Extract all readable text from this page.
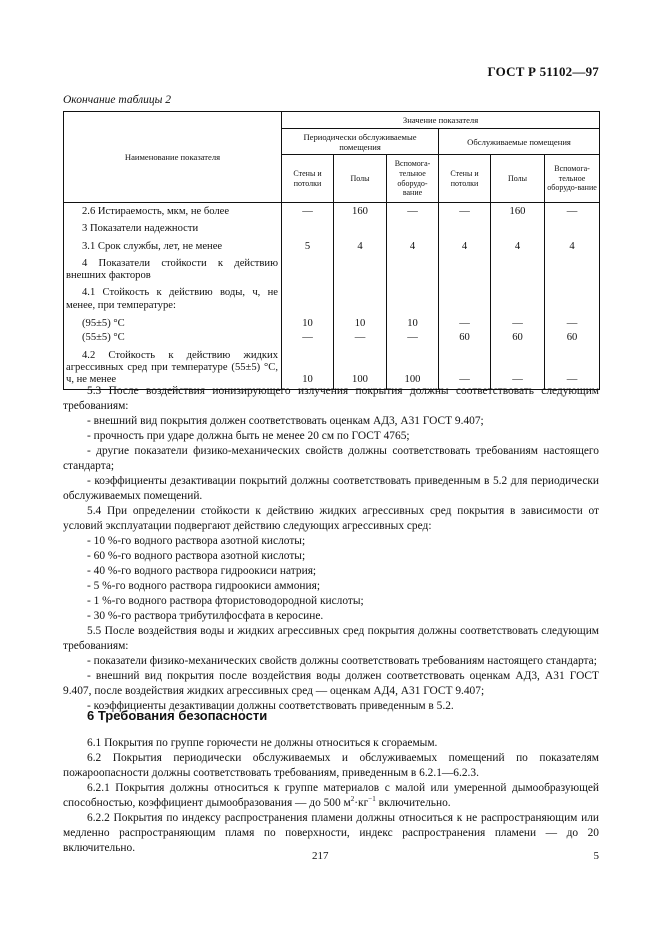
ГОСТ Р 51102—97
Окончание таблицы 2
Наименование показателя	Значение показателя					
	Периодически обслуживаемые помещения			Обслуживаемые помещения		
	Стены и потолки	Полы	Вспомога-тельное оборудо-вание	Стены и потолки	Полы	Вспомога-тельное оборудо-вание
2.6 Истираемость, мкм, не более	—	160	—	—	160	—
3 Показатели надежности						
3.1 Срок службы, лет, не менее	5	4	4	4	4	4
4 Показатели стойкости к действию внешних факторов						
4.1 Стойкость к действию воды, ч, не менее, при температуре:						
(95±5) °С	10	10	10	—	—	—
(55±5) °С	—	—	—	60	60	60
4.2 Стойкость к действию жидких агрессивных сред при температуре (55±5) °С, ч, не менее	10	100	100	—	—	—

5.3 После воздействия ионизирующего излучения покрытия должны соответствовать следующим требованиям:

- внешний вид покрытия должен соответствовать оценкам АД3, А31 ГОСТ 9.407;

- прочность при ударе должна быть не менее 20 см по ГОСТ 4765;

- другие показатели физико-механических свойств должны соответствовать требованиям настоящего стандарта;

- коэффициенты дезактивации покрытий должны соответствовать приведенным в 5.2 для периодически обслуживаемых помещений.

5.4 При определении стойкости к действию жидких агрессивных сред покрытия в зависимости от условий эксплуатации подвергают действию следующих агрессивных сред:

- 10 %-го водного раствора азотной кислоты;

- 60 %-го водного раствора азотной кислоты;

- 40 %-го водного раствора гидроокиси натрия;

- 5 %-го водного раствора гидроокиси аммония;

- 1 %-го водного раствора фтористоводородной кислоты;

- 30 %-го раствора трибутилфосфата в керосине.

5.5 После воздействия воды и жидких агрессивных сред покрытия должны соответствовать следующим требованиям:

- показатели физико-механических свойств должны соответствовать требованиям настоящего стандарта;

- внешний вид покрытия после воздействия воды должен соответствовать оценкам АД3, А31 ГОСТ 9.407, после воздействия жидких агрессивных сред — оценкам АД4, А31 ГОСТ 9.407;

- коэффициенты дезактивации должны соответствовать приведенным в 5.2.

6 Требования безопасности

6.1 Покрытия по группе горючести не должны относиться к сгораемым.

6.2 Покрытия периодически обслуживаемых и обслуживаемых помещений по показателям пожароопасности должны соответствовать требованиям, приведенным в 6.2.1—6.2.3.

6.2.1 Покрытия должны относиться к группе материалов с малой или умеренной дымообразующей способностью, коэффициент дымообразования — до 500 $м^2\cdot кг^{-1}$ включительно.

6.2.2 Покрытия по индексу распространения пламени должны относиться к не распространяющим или медленно распространяющим пламя по поверхности, индекс распространения пламени — до 20 включительно.

217	5
